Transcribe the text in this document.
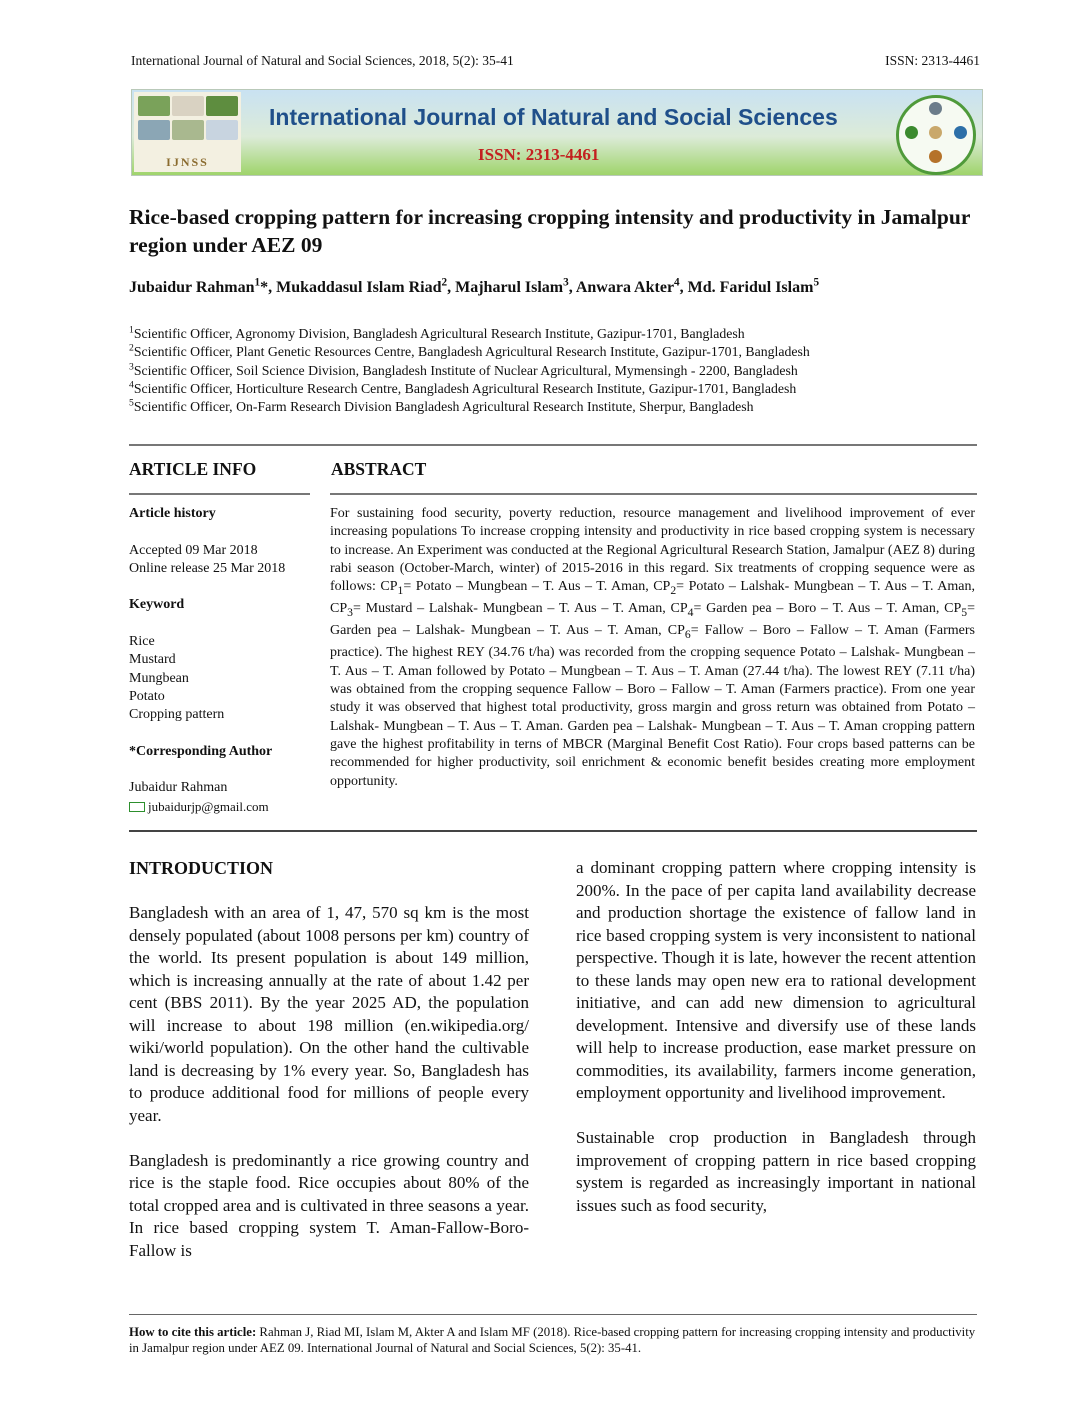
International Journal of Natural and Social Sciences, 2018, 5(2): 35-41	ISSN: 2313-4461
IJNSS
International Journal of Natural and Social Sciences
ISSN: 2313-4461
Rice-based cropping pattern for increasing cropping intensity and productivity in Jamalpur region under AEZ 09
Jubaidur Rahman$^1$*, Mukaddasul Islam Riad$^2$, Majharul Islam$^3$, Anwara Akter$^4$, Md. Faridul Islam$^5$
$^1$Scientific Officer, Agronomy Division, Bangladesh Agricultural Research Institute, Gazipur-1701, Bangladesh
$^2$Scientific Officer, Plant Genetic Resources Centre, Bangladesh Agricultural Research Institute, Gazipur-1701, Bangladesh
$^3$Scientific Officer, Soil Science Division, Bangladesh Institute of Nuclear Agricultural, Mymensingh - 2200, Bangladesh
$^4$Scientific Officer, Horticulture Research Centre, Bangladesh Agricultural Research Institute, Gazipur-1701, Bangladesh
$^5$Scientific Officer, On-Farm Research Division Bangladesh Agricultural Research Institute, Sherpur, Bangladesh
ARTICLE INFO	ABSTRACT
Article history
Accepted 09 Mar 2018
Online release 25 Mar 2018
Keyword
Rice
Mustard
Mungbean
Potato
Cropping pattern
*Corresponding Author
Jubaidur Rahman
jubaidurjp@gmail.com
For sustaining food security, poverty reduction, resource management and livelihood improvement of ever increasing populations To increase cropping intensity and productivity in rice based cropping system is necessary to increase. An Experiment was conducted at the Regional Agricultural Research Station, Jamalpur (AEZ 8) during rabi season (October-March, winter) of 2015-2016 in this regard. Six treatments of cropping sequence were as follows: $CP_1=$ Potato – Mungbean – T. Aus – T. Aman, $CP_2=$ Potato – Lalshak- Mungbean – T. Aus – T. Aman, $CP_3=$ Mustard – Lalshak- Mungbean – T. Aus – T. Aman, $CP_4=$ Garden pea – Boro – T. Aus – T. Aman, $CP_5=$ Garden pea – Lalshak- Mungbean – T. Aus – T. Aman, $CP_6=$ Fallow – Boro – Fallow – T. Aman (Farmers practice). The highest REY (34.76 t/ha) was recorded from the cropping sequence Potato – Lalshak- Mungbean – T. Aus – T. Aman followed by Potato – Mungbean – T. Aus – T. Aman (27.44 t/ha). The lowest REY (7.11 t/ha) was obtained from the cropping sequence Fallow – Boro – Fallow – T. Aman (Farmers practice). From one year study it was observed that highest total productivity, gross margin and gross return was obtained from Potato – Lalshak- Mungbean – T. Aus – T. Aman. Garden pea – Lalshak- Mungbean – T. Aus – T. Aman cropping pattern gave the highest profitability in terns of MBCR (Marginal Benefit Cost Ratio). Four crops based patterns can be recommended for higher productivity, soil enrichment & economic benefit besides creating more employment opportunity.
INTRODUCTION

Bangladesh with an area of 1, 47, 570 sq km is the most densely populated (about 1008 persons per km) country of the world. Its present population is about 149 million, which is increasing annually at the rate of about 1.42 per cent (BBS 2011). By the year 2025 AD, the population will increase to about 198 million (en.wikipedia.org/ wiki/world population). On the other hand the cultivable land is decreasing by 1% every year. So, Bangladesh has to produce additional food for millions of people every year.

Bangladesh is predominantly a rice growing country and rice is the staple food. Rice occupies about 80% of the total cropped area and is cultivated in three seasons a year. In rice based cropping system T. Aman-Fallow-Boro-Fallow is

a dominant cropping pattern where cropping intensity is 200%. In the pace of per capita land availability decrease and production shortage the existence of fallow land in rice based cropping system is very inconsistent to national perspective. Though it is late, however the recent attention to these lands may open new era to rational development initiative, and can add new dimension to agricultural development. Intensive and diversify use of these lands will help to increase production, ease market pressure on commodities, its availability, farmers income generation, employment opportunity and livelihood improvement.

Sustainable crop production in Bangladesh through improvement of cropping pattern in rice based cropping system is regarded as increasingly important in national issues such as food security,

How to cite this article: Rahman J, Riad MI, Islam M, Akter A and Islam MF (2018). Rice-based cropping pattern for increasing cropping intensity and productivity in Jamalpur region under AEZ 09. International Journal of Natural and Social Sciences, 5(2): 35-41.
